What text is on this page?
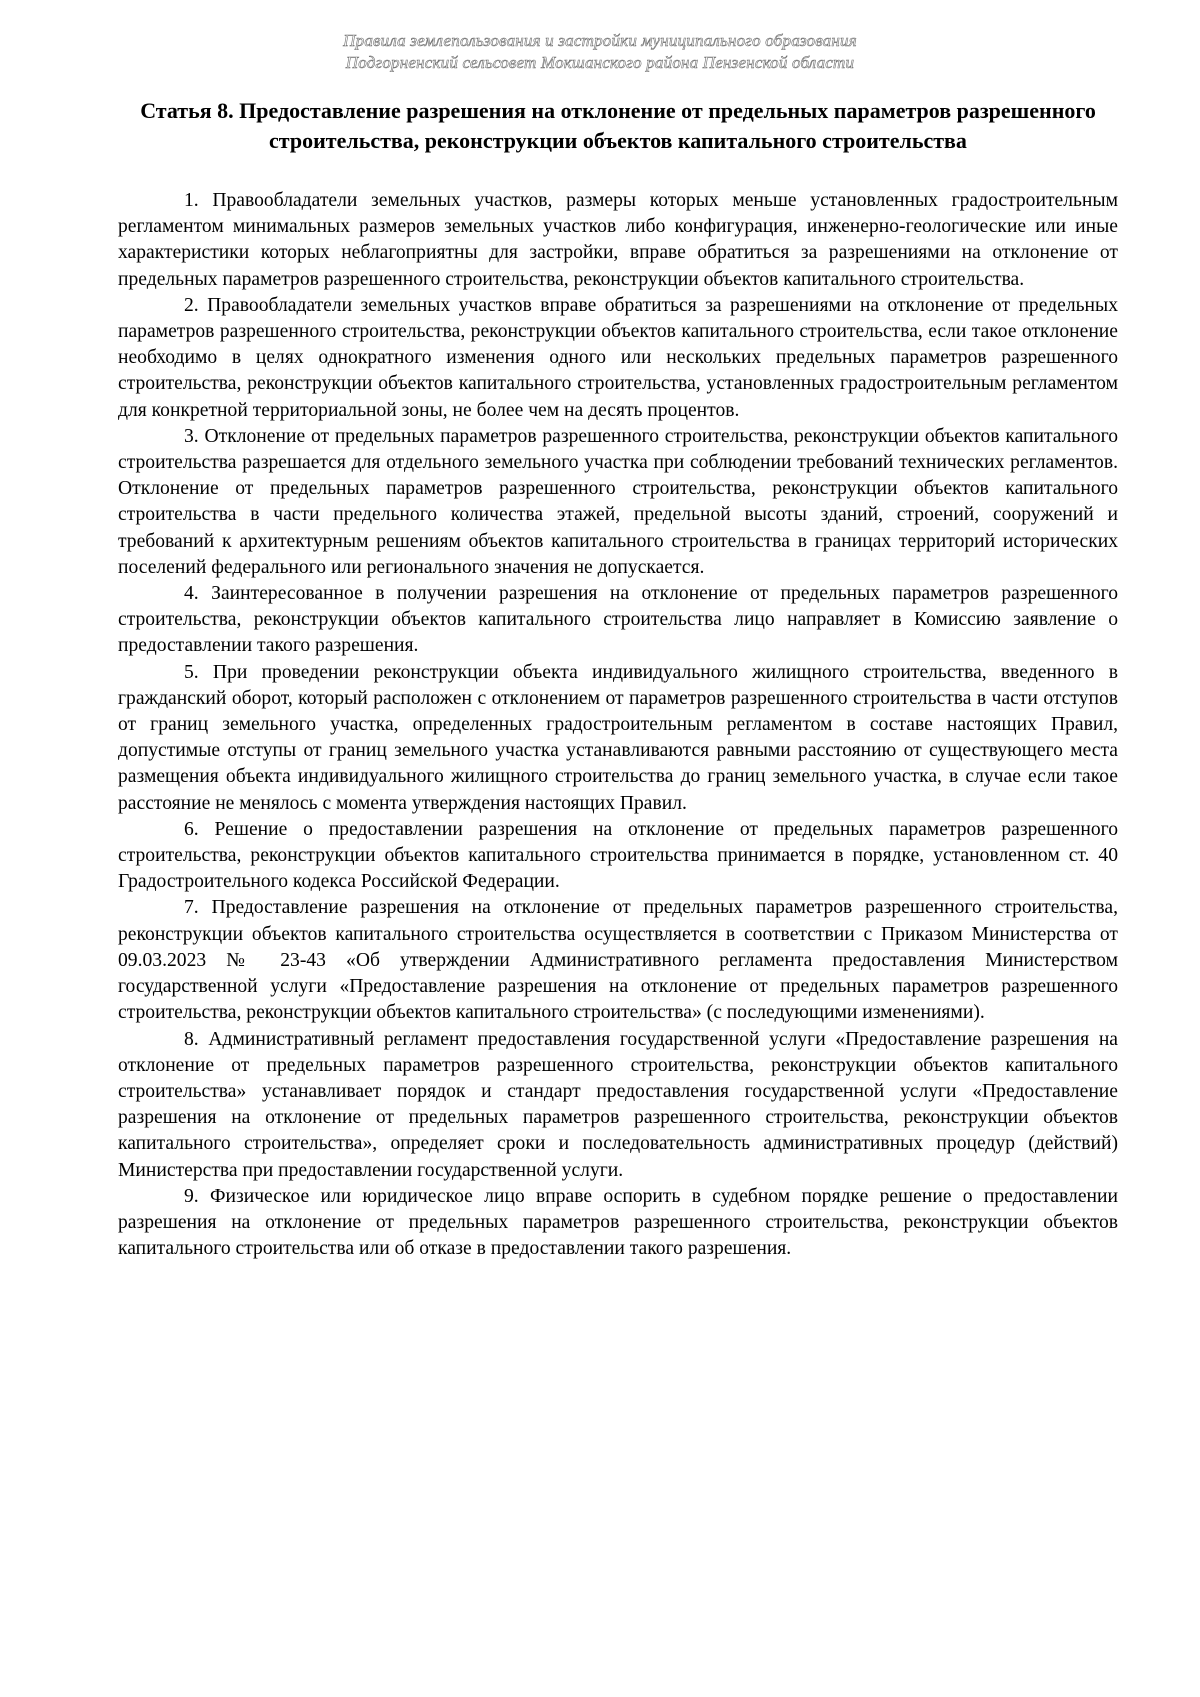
Правила землепользования и застройки муниципального образования
Подгорненский сельсовет Мокшанского района Пензенской области
Статья 8. Предоставление разрешения на отклонение от предельных параметров разрешенного строительства, реконструкции объектов капитального строительства

1. Правообладатели земельных участков, размеры которых меньше установленных градостроительным регламентом минимальных размеров земельных участков либо конфигурация, инженерно-геологические или иные характеристики которых неблагоприятны для застройки, вправе обратиться за разрешениями на отклонение от предельных параметров разрешенного строительства, реконструкции объектов капитального строительства.

2. Правообладатели земельных участков вправе обратиться за разрешениями на отклонение от предельных параметров разрешенного строительства, реконструкции объектов капитального строительства, если такое отклонение необходимо в целях однократного изменения одного или нескольких предельных параметров разрешенного строительства, реконструкции объектов капитального строительства, установленных градостроительным регламентом для конкретной территориальной зоны, не более чем на десять процентов.

3. Отклонение от предельных параметров разрешенного строительства, реконструкции объектов капитального строительства разрешается для отдельного земельного участка при соблюдении требований технических регламентов. Отклонение от предельных параметров разрешенного строительства, реконструкции объектов капитального строительства в части предельного количества этажей, предельной высоты зданий, строений, сооружений и требований к архитектурным решениям объектов капитального строительства в границах территорий исторических поселений федерального или регионального значения не допускается.

4. Заинтересованное в получении разрешения на отклонение от предельных параметров разрешенного строительства, реконструкции объектов капитального строительства лицо направляет в Комиссию заявление о предоставлении такого разрешения.

5. При проведении реконструкции объекта индивидуального жилищного строительства, введенного в гражданский оборот, который расположен с отклонением от параметров разрешенного строительства в части отступов от границ земельного участка, определенных градостроительным регламентом в составе настоящих Правил, допустимые отступы от границ земельного участка устанавливаются равными расстоянию от существующего места размещения объекта индивидуального жилищного строительства до границ земельного участка, в случае если такое расстояние не менялось с момента утверждения настоящих Правил.

6. Решение о предоставлении разрешения на отклонение от предельных параметров разрешенного строительства, реконструкции объектов капитального строительства принимается в порядке, установленном ст. 40 Градостроительного кодекса Российской Федерации.

7. Предоставление разрешения на отклонение от предельных параметров разрешенного строительства, реконструкции объектов капитального строительства осуществляется в соответствии с Приказом Министерства от 09.03.2023 № 23-43 «Об утверждении Административного регламента предоставления Министерством государственной услуги «Предоставление разрешения на отклонение от предельных параметров разрешенного строительства, реконструкции объектов капитального строительства» (с последующими изменениями).

8. Административный регламент предоставления государственной услуги «Предоставление разрешения на отклонение от предельных параметров разрешенного строительства, реконструкции объектов капитального строительства» устанавливает порядок и стандарт предоставления государственной услуги «Предоставление разрешения на отклонение от предельных параметров разрешенного строительства, реконструкции объектов капитального строительства», определяет сроки и последовательность административных процедур (действий) Министерства при предоставлении государственной услуги.

9. Физическое или юридическое лицо вправе оспорить в судебном порядке решение о предоставлении разрешения на отклонение от предельных параметров разрешенного строительства, реконструкции объектов капитального строительства или об отказе в предоставлении такого разрешения.
